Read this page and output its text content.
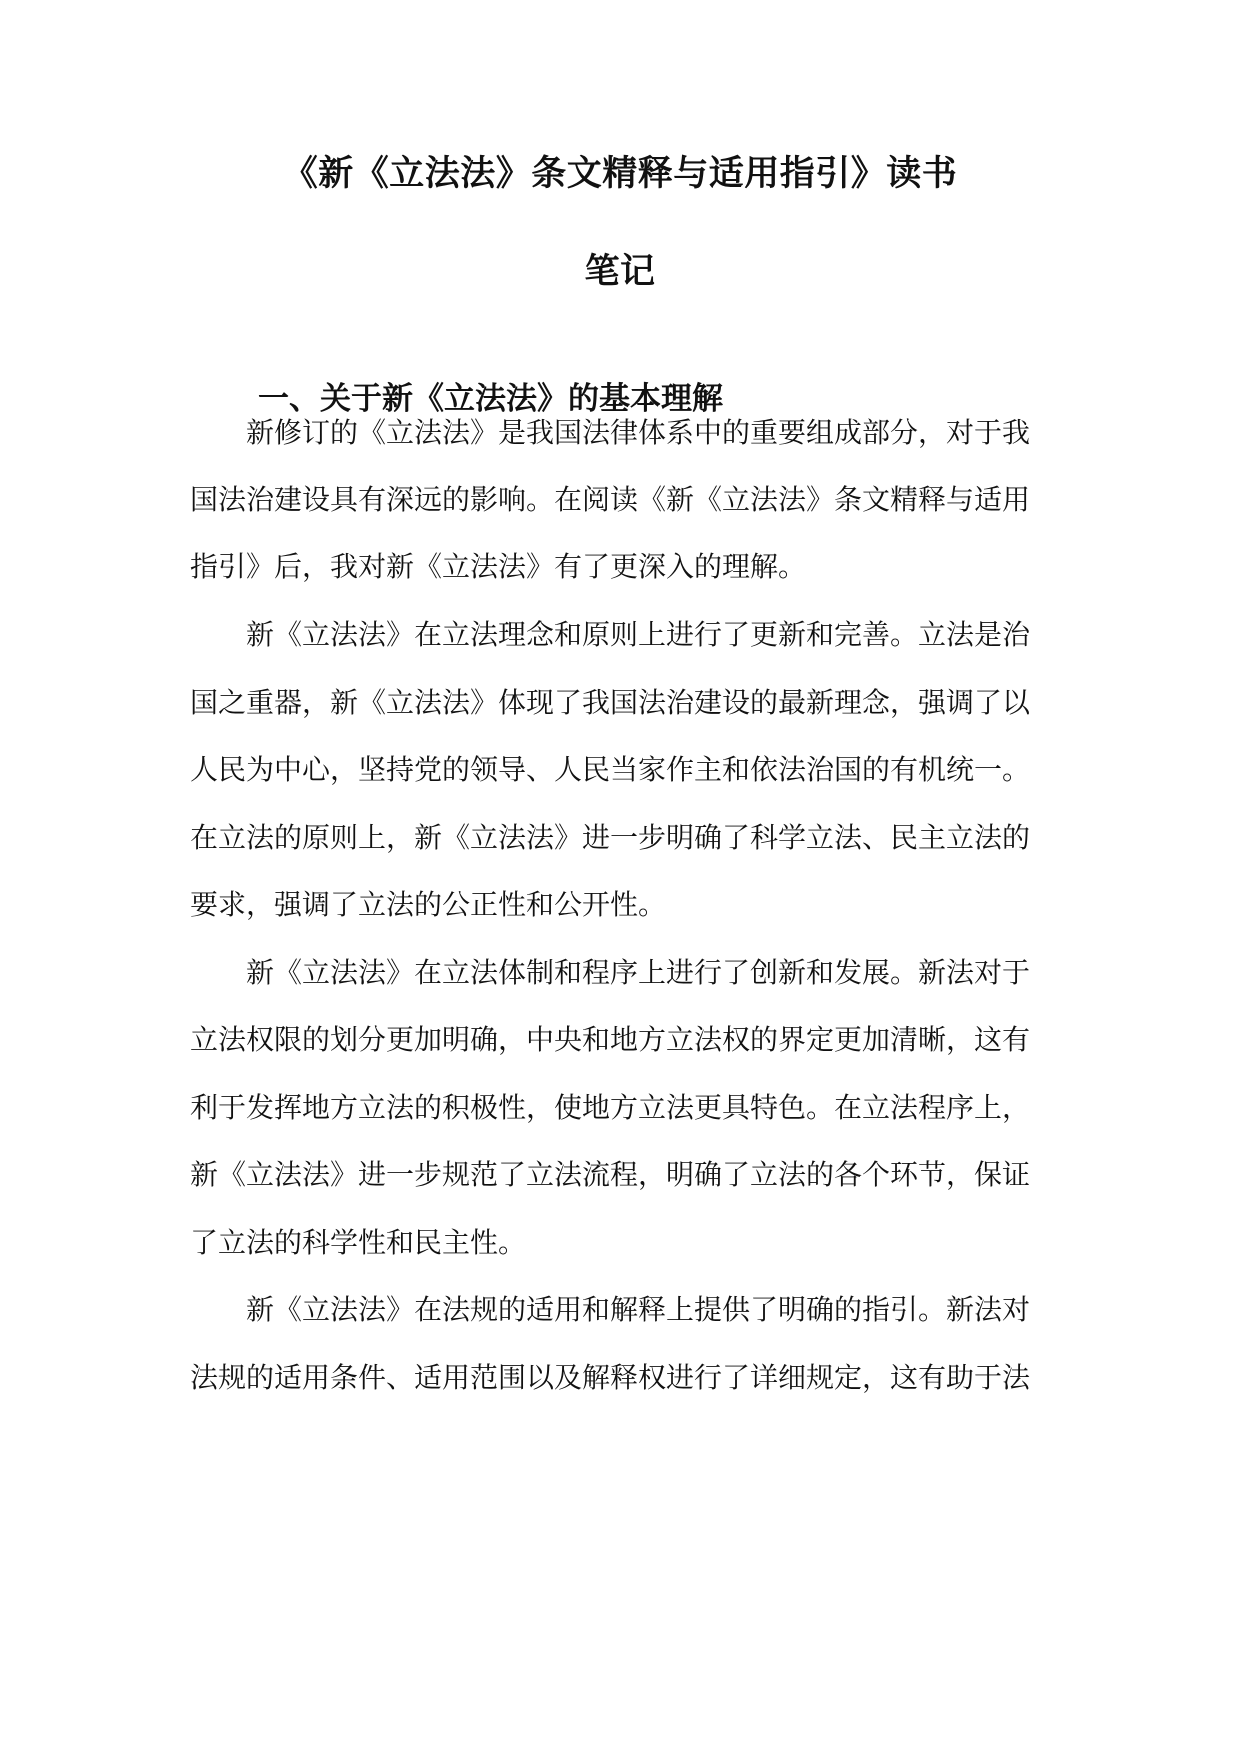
《新《立法法》条文精释与适用指引》读书
笔记
一、关于新《立法法》的基本理解
新修订的《立法法》是我国法律体系中的重要组成部分，对于我
国法治建设具有深远的影响。在阅读《新《立法法》条文精释与适用
指引》后，我对新《立法法》有了更深入的理解。
新《立法法》在立法理念和原则上进行了更新和完善。立法是治
国之重器，新《立法法》体现了我国法治建设的最新理念，强调了以
人民为中心，坚持党的领导、人民当家作主和依法治国的有机统一。
在立法的原则上，新《立法法》进一步明确了科学立法、民主立法的
要求，强调了立法的公正性和公开性。
新《立法法》在立法体制和程序上进行了创新和发展。新法对于
立法权限的划分更加明确，中央和地方立法权的界定更加清晰，这有
利于发挥地方立法的积极性，使地方立法更具特色。在立法程序上，
新《立法法》进一步规范了立法流程，明确了立法的各个环节，保证
了立法的科学性和民主性。
新《立法法》在法规的适用和解释上提供了明确的指引。新法对
法规的适用条件、适用范围以及解释权进行了详细规定，这有助于法
